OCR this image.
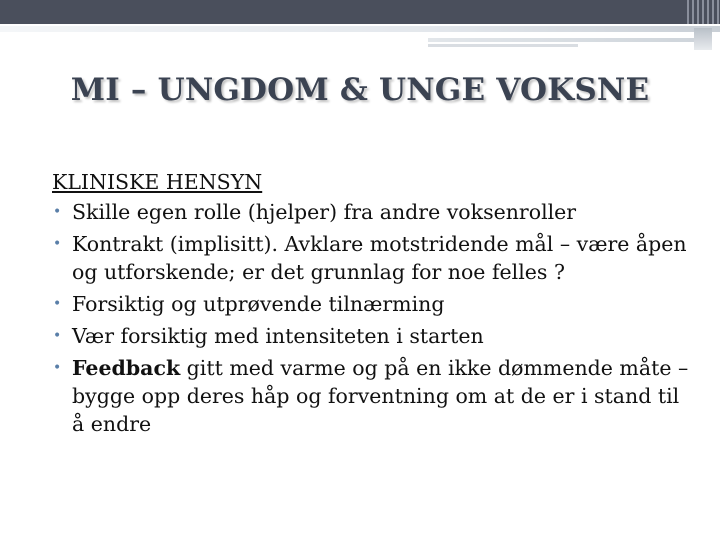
MI – UNGDOM & UNGE VOKSNE
KLINISKE HENSYN
• Skille egen rolle (hjelper) fra andre voksenroller
• Kontrakt (implisitt). Avklare motstridende mål – være åpen og utforskende; er det grunnlag for noe felles ?
• Forsiktig og utprøvende tilnærming
• Vær forsiktig med intensiteten i starten
• Feedback gitt med varme og på en ikke dømmende måte – bygge opp deres håp og forventning om at de er i stand til å endre
